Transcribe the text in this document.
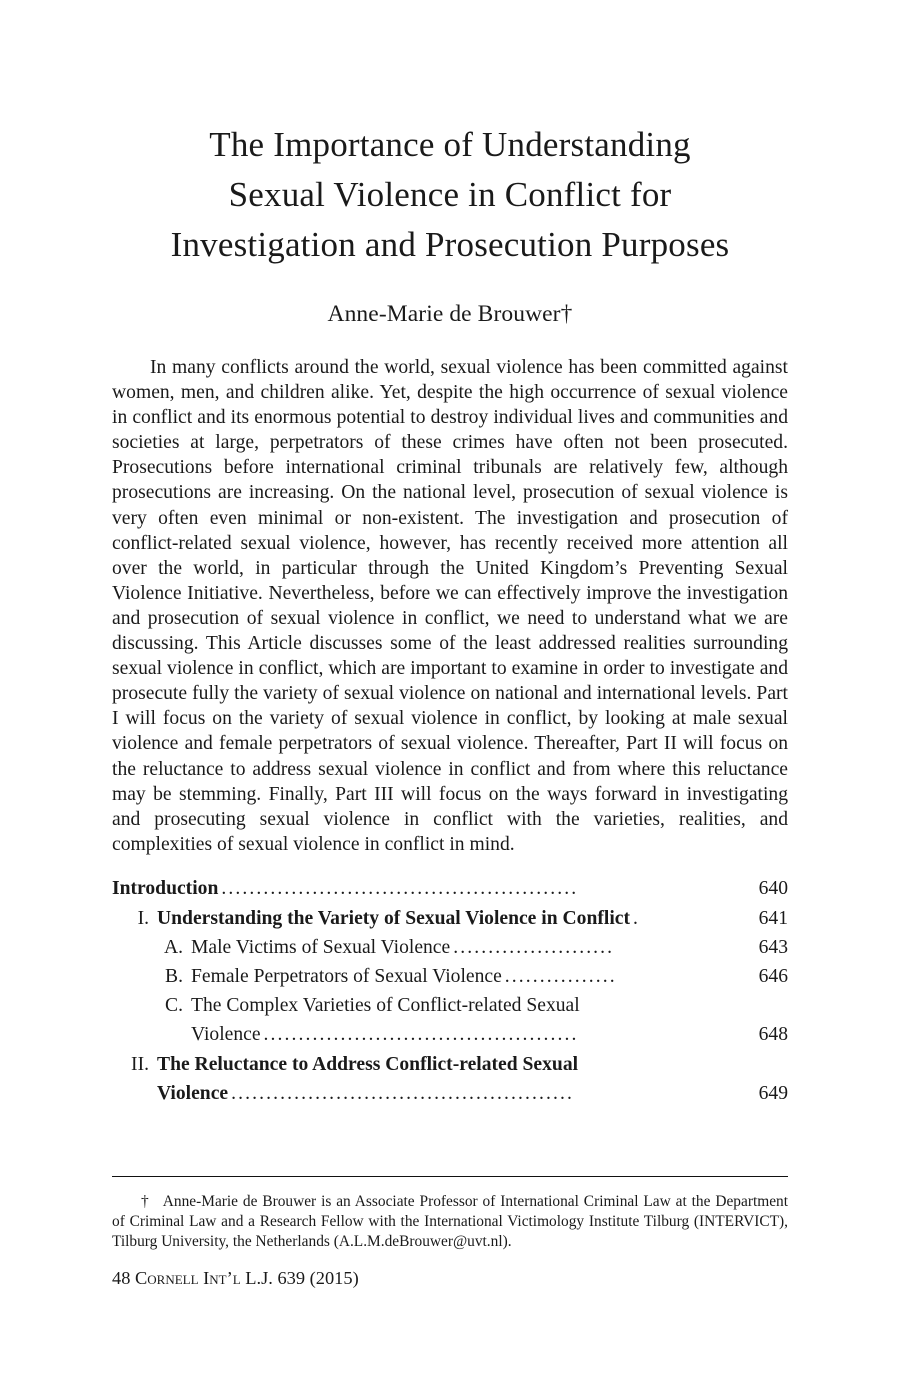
The Importance of Understanding
Sexual Violence in Conflict for
Investigation and Prosecution Purposes
Anne-Marie de Brouwer†

In many conflicts around the world, sexual violence has been committed against women, men, and children alike. Yet, despite the high occurrence of sexual violence in conflict and its enormous potential to destroy individual lives and communities and societies at large, perpetrators of these crimes have often not been prosecuted. Prosecutions before international criminal tribunals are relatively few, although prosecutions are increasing. On the national level, prosecution of sexual violence is very often even minimal or non-existent. The investigation and prosecution of conflict-related sexual violence, however, has recently received more attention all over the world, in particular through the United Kingdom’s Preventing Sexual Violence Initiative. Nevertheless, before we can effectively improve the investigation and prosecution of sexual violence in conflict, we need to understand what we are discussing. This Article discusses some of the least addressed realities surrounding sexual violence in conflict, which are important to examine in order to investigate and prosecute fully the variety of sexual violence on national and international levels. Part I will focus on the variety of sexual violence in conflict, by looking at male sexual violence and female perpetrators of sexual violence. Thereafter, Part II will focus on the reluctance to address sexual violence in conflict and from where this reluctance may be stemming. Finally, Part III will focus on the ways forward in investigating and prosecuting sexual violence in conflict with the varieties, realities, and complexities of sexual violence in conflict in mind.

Introduction ...................................................	640
I. Understanding the Variety of Sexual Violence in Conflict .	641
A. Male Victims of Sexual Violence .......................	643
B. Female Perpetrators of Sexual Violence ................	646
C. The Complex Varieties of Conflict-related Sexual
Violence .............................................	648
II. The Reluctance to Address Conflict-related Sexual
Violence .................................................	649

† Anne-Marie de Brouwer is an Associate Professor of International Criminal Law at the Department of Criminal Law and a Research Fellow with the International Victimology Institute Tilburg (INTERVICT), Tilburg University, the Netherlands (A.L.M.deBrouwer@uvt.nl).

48 Cornell Int’l L.J. 639 (2015)
